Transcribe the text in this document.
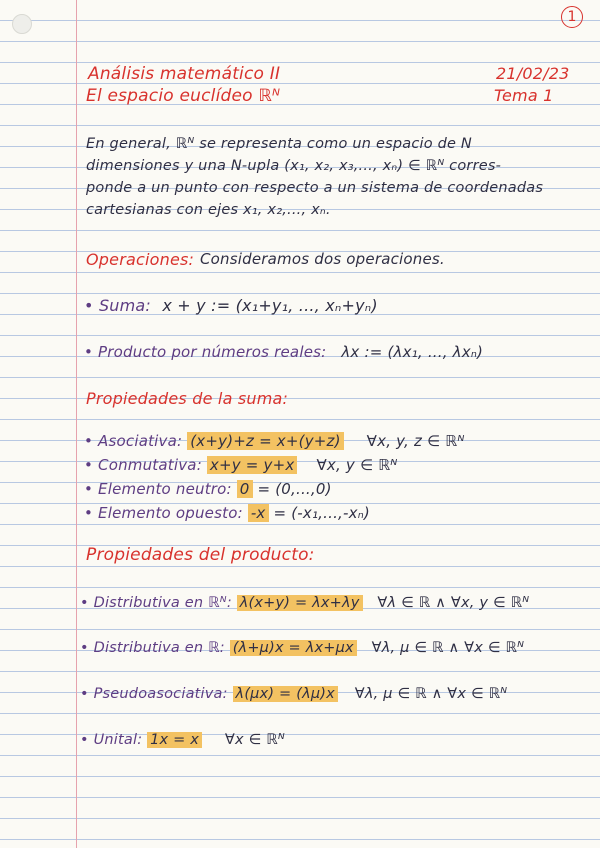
1
Análisis matemático II
El espacio euclídeo ℝᴺ
21/02/23
Tema 1
En general, ℝᴺ se representa como un espacio de N
dimensiones y una N-upla (x₁, x₂, x₃,..., xₙ) ∈ ℝᴺ corres-
ponde a un punto con respecto a un sistema de coordenadas
cartesianas con ejes x₁, x₂,..., xₙ.
Operaciones: Consideramos dos operaciones.
• Suma: x + y := (x₁+y₁, ..., xₙ+yₙ)
• Producto por números reales: λx := (λx₁, ..., λxₙ)
Propiedades de la suma:
• Asociativa: (x+y)+z = x+(y+z) ∀x, y, z ∈ ℝᴺ
• Conmutativa: x+y = y+x ∀x, y ∈ ℝᴺ
• Elemento neutro: 0 = (0,...,0)
• Elemento opuesto: -x = (-x₁,...,-xₙ)
Propiedades del producto:
• Distributiva en ℝᴺ: λ(x+y) = λx+λy ∀λ ∈ ℝ ∧ ∀x, y ∈ ℝᴺ
• Distributiva en ℝ: (λ+μ)x = λx+μx ∀λ, μ ∈ ℝ ∧ ∀x ∈ ℝᴺ
• Pseudoasociativa: λ(μx) = (λμ)x ∀λ, μ ∈ ℝ ∧ ∀x ∈ ℝᴺ
• Unital: 1x = x ∀x ∈ ℝᴺ
